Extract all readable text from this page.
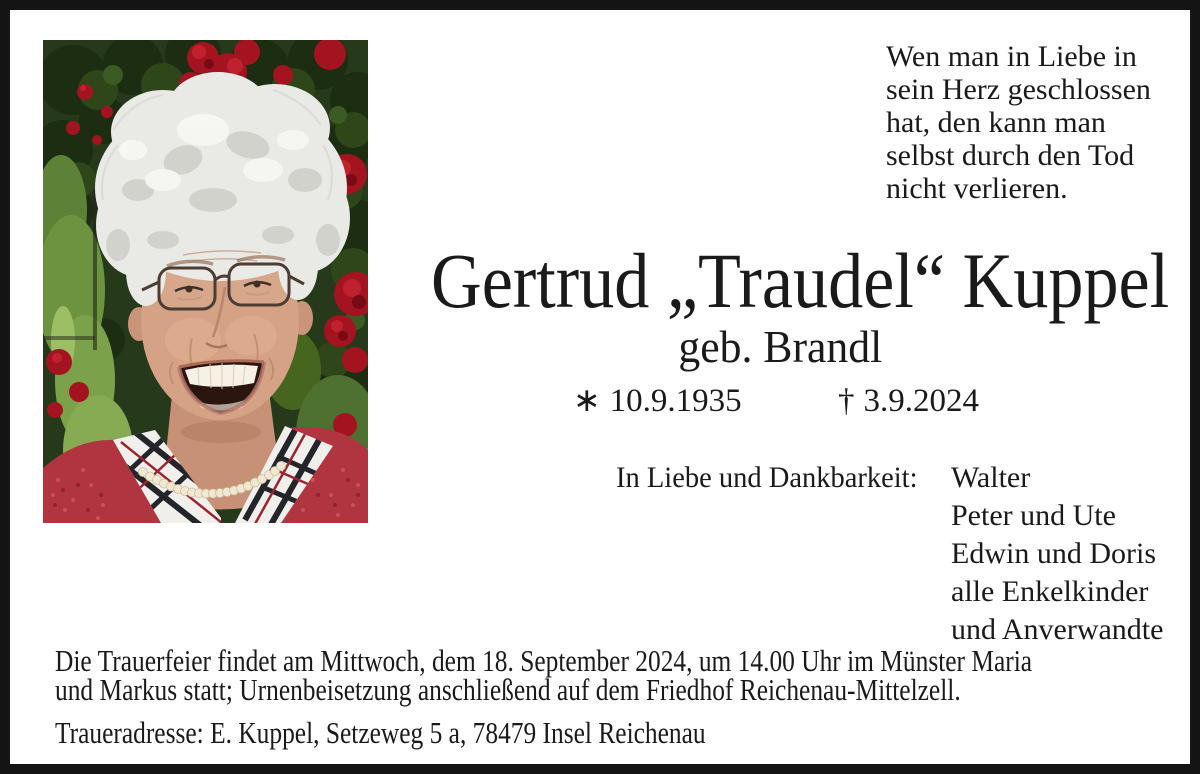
Wen man in Liebe in
sein Herz geschlossen
hat, den kann man
selbst durch den Tod
nicht verlieren.
Gertrud „Traudel“ Kuppel
geb. Brandl
∗ 10.9.1935	† 3.9.2024
In Liebe und Dankbarkeit: Walter
Peter und Ute
Edwin und Doris
alle Enkelkinder
und Anverwandte
Die Trauerfeier findet am Mittwoch, dem 18. September 2024, um 14.00 Uhr im Münster Maria
und Markus statt; Urnenbeisetzung anschließend auf dem Friedhof Reichenau-Mittelzell.
Traueradresse: E. Kuppel, Setzeweg 5 a, 78479 Insel Reichenau
